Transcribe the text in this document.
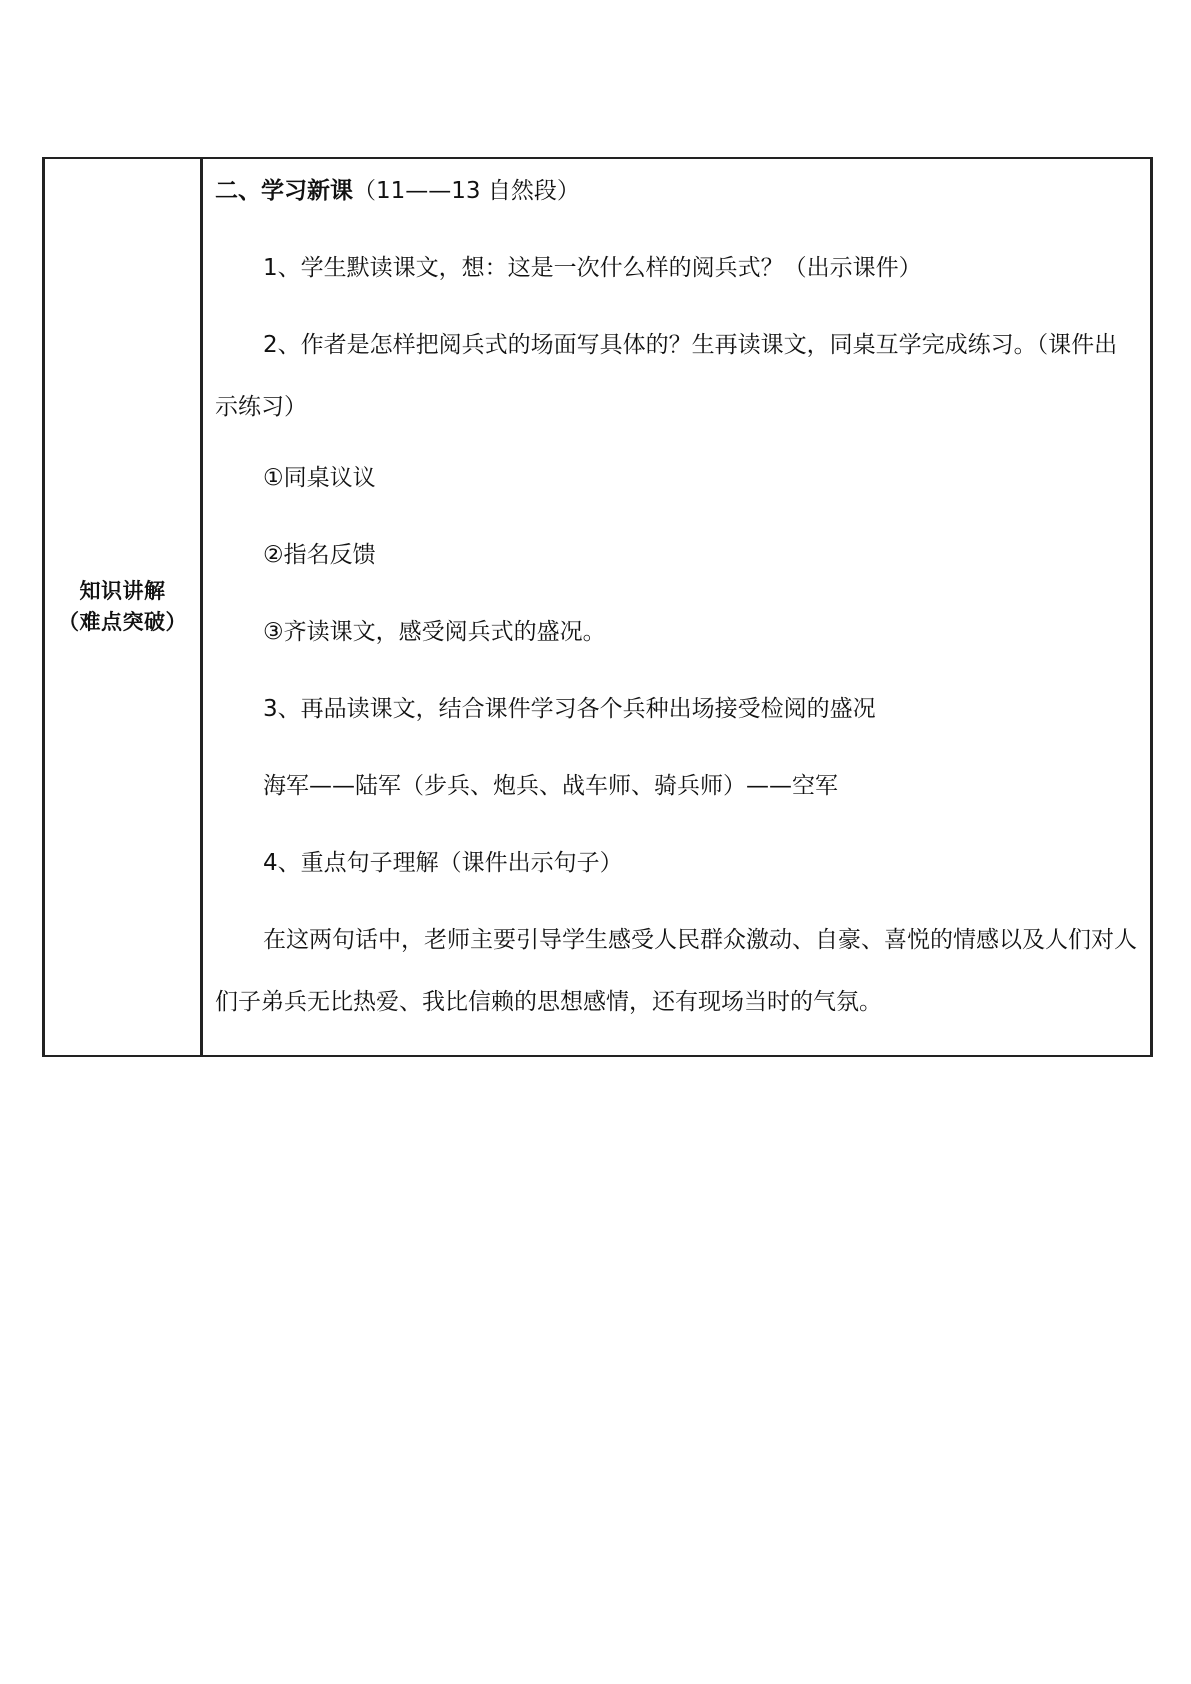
知识讲解
（难点突破）

二、学习新课（11——13 自然段）

1、学生默读课文，想：这是一次什么样的阅兵式？（出示课件）

2、作者是怎样把阅兵式的场面写具体的？生再读课文，同桌互学完成练习。（课件出示练习）

①同桌议议

②指名反馈

③齐读课文，感受阅兵式的盛况。

3、再品读课文，结合课件学习各个兵种出场接受检阅的盛况

海军——陆军（步兵、炮兵、战车师、骑兵师）——空军

4、重点句子理解（课件出示句子）

在这两句话中，老师主要引导学生感受人民群众激动、自豪、喜悦的情感以及人们对人们子弟兵无比热爱、我比信赖的思想感情，还有现场当时的气氛。
